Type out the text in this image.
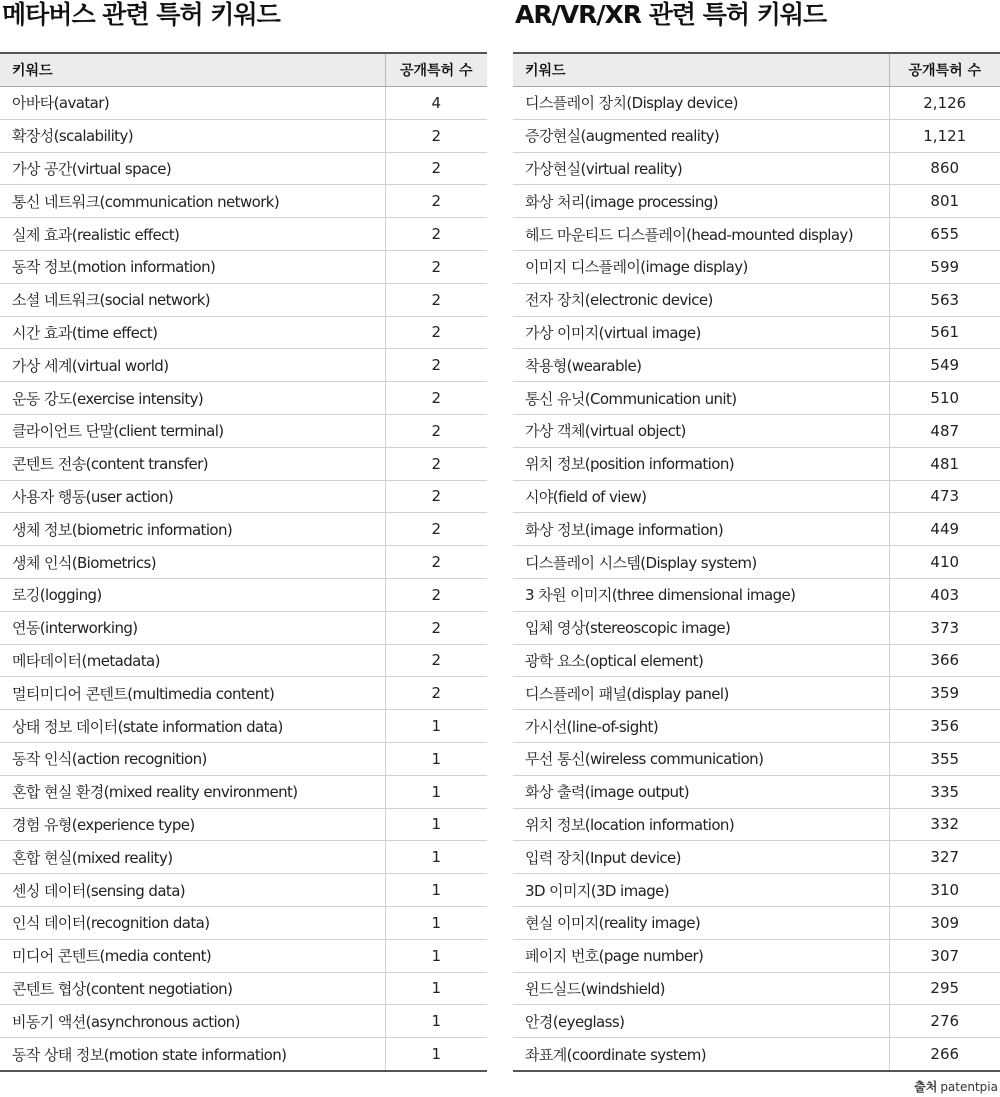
메타버스 관련 특허 키워드
키워드	공개특허 수
아바타(avatar)	4
확장성(scalability)	2
가상 공간(virtual space)	2
통신 네트워크(communication network)	2
실제 효과(realistic effect)	2
동작 정보(motion information)	2
소셜 네트워크(social network)	2
시간 효과(time effect)	2
가상 세계(virtual world)	2
운동 강도(exercise intensity)	2
클라이언트 단말(client terminal)	2
콘텐트 전송(content transfer)	2
사용자 행동(user action)	2
생체 정보(biometric information)	2
생체 인식(Biometrics)	2
로깅(logging)	2
연동(interworking)	2
메타데이터(metadata)	2
멀티미디어 콘텐트(multimedia content)	2
상태 정보 데이터(state information data)	1
동작 인식(action recognition)	1
혼합 현실 환경(mixed reality environment)	1
경험 유형(experience type)	1
혼합 현실(mixed reality)	1
센싱 데이터(sensing data)	1
인식 데이터(recognition data)	1
미디어 콘텐트(media content)	1
콘텐트 협상(content negotiation)	1
비동기 액션(asynchronous action)	1
동작 상태 정보(motion state information)	1
AR/VR/XR 관련 특허 키워드
키워드	공개특허 수
디스플레이 장치(Display device)	2,126
증강현실(augmented reality)	1,121
가상현실(virtual reality)	860
화상 처리(image processing)	801
헤드 마운티드 디스플레이(head-mounted display)	655
이미지 디스플레이(image display)	599
전자 장치(electronic device)	563
가상 이미지(virtual image)	561
착용형(wearable)	549
통신 유닛(Communication unit)	510
가상 객체(virtual object)	487
위치 정보(position information)	481
시야(field of view)	473
화상 정보(image information)	449
디스플레이 시스템(Display system)	410
3 차원 이미지(three dimensional image)	403
입체 영상(stereoscopic image)	373
광학 요소(optical element)	366
디스플레이 패널(display panel)	359
가시선(line-of-sight)	356
무선 통신(wireless communication)	355
화상 출력(image output)	335
위치 정보(location information)	332
입력 장치(Input device)	327
3D 이미지(3D image)	310
현실 이미지(reality image)	309
페이지 번호(page number)	307
윈드실드(windshield)	295
안경(eyeglass)	276
좌표계(coordinate system)	266
출처 patentpia
